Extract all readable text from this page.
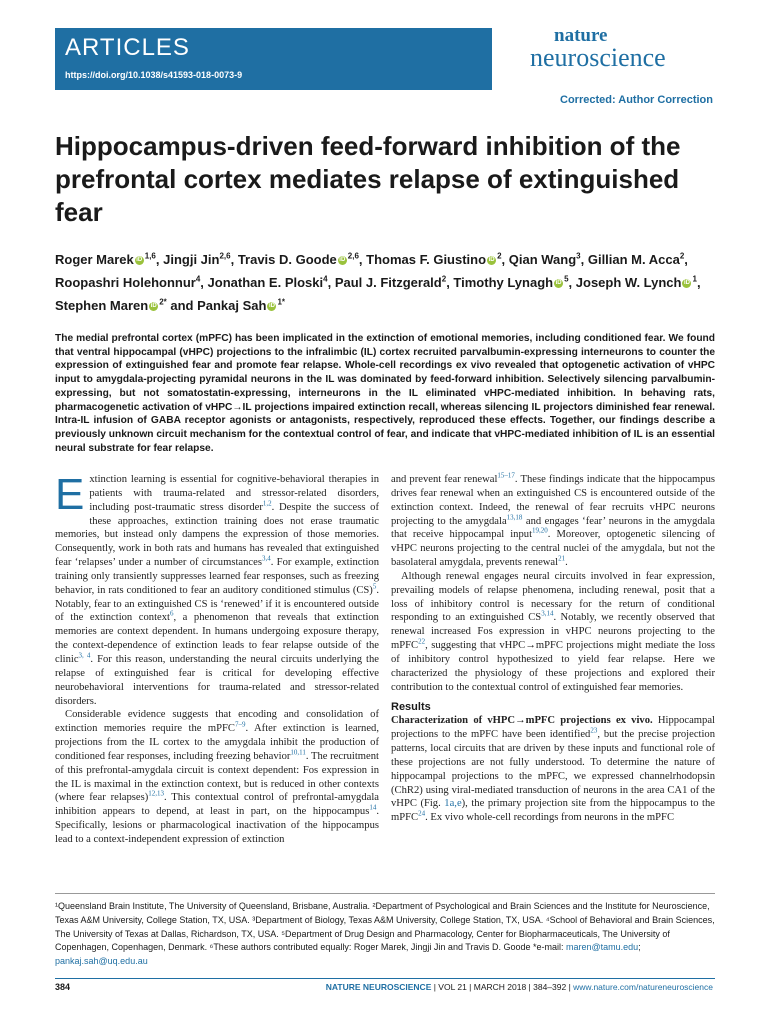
ARTICLES
https://doi.org/10.1038/s41593-018-0073-9
nature
neuroscience
Corrected: Author Correction
Hippocampus-driven feed-forward inhibition of the prefrontal cortex mediates relapse of extinguished fear
Roger Marek iD $^{1,6}$, Jingji Jin$^{2,6}$, Travis D. Goode iD $^{2,6}$, Thomas F. Giustino iD $^2$, Qian Wang$^3$, Gillian M. Acca$^2$, Roopashri Holehonnur$^4$, Jonathan E. Ploski$^4$, Paul J. Fitzgerald$^2$, Timothy Lynagh iD $^5$, Joseph W. Lynch iD $^1$, Stephen Maren iD $^{2*}$ and Pankaj Sah iD $^{1*}$
The medial prefrontal cortex (mPFC) has been implicated in the extinction of emotional memories, including conditioned fear. We found that ventral hippocampal (vHPC) projections to the infralimbic (IL) cortex recruited parvalbumin-expressing interneurons to counter the expression of extinguished fear and promote fear relapse. Whole-cell recordings ex vivo revealed that optogenetic activation of vHPC input to amygdala-projecting pyramidal neurons in the IL was dominated by feed-forward inhibition. Selectively silencing parvalbumin-expressing, but not somatostatin-expressing, interneurons in the IL eliminated vHPC-mediated inhibition. In behaving rats, pharmacogenetic activation of vHPC→IL projections impaired extinction recall, whereas silencing IL projectors diminished fear renewal. Intra-IL infusion of GABA receptor agonists or antagonists, respectively, reproduced these effects. Together, our findings describe a previously unknown circuit mechanism for the contextual control of fear, and indicate that vHPC-mediated inhibition of IL is an essential neural substrate for fear relapse.
E xtinction learning is essential for cognitive-behavioral therapies in patients with trauma-related and stressor-related disorders, including post-traumatic stress disorder$^{1,2}$. Despite the success of these approaches, extinction training does not erase traumatic memories, but instead only dampens the expression of those memories. Consequently, work in both rats and humans has revealed that extinguished fear ‘relapses’ under a number of circumstances$^{3,4}$. For example, extinction training only transiently suppresses learned fear responses, such as freezing behavior, in rats conditioned to fear an auditory conditioned stimulus (CS)$^5$. Notably, fear to an extinguished CS is ‘renewed’ if it is encountered outside of the extinction context$^6$, a phenomenon that reveals that extinction memories are context dependent. In humans undergoing exposure therapy, the context-dependence of extinction leads to fear relapse outside of the clinic$^{3, 4}$. For this reason, understanding the neural circuits underlying the relapse of extinguished fear is critical for developing effective neurobehavioral interventions for trauma-related and stressor-related disorders.

Considerable evidence suggests that encoding and consolidation of extinction memories require the mPFC$^{7-9}$. After extinction is learned, projections from the IL cortex to the amygdala inhibit the production of conditioned fear responses, including freezing behavior$^{10,11}$. The recruitment of this prefrontal-amygdala circuit is context dependent: Fos expression in the IL is maximal in the extinction context, but is reduced in other contexts (where fear relapses)$^{12,13}$. This contextual control of prefrontal-amygdala inhibition appears to depend, at least in part, on the hippocampus$^{14}$. Specifically, lesions or pharmacological inactivation of the hippocampus lead to a context-independent expression of extinction

and prevent fear renewal$^{15-17}$. These findings indicate that the hippocampus drives fear renewal when an extinguished CS is encountered outside of the extinction context. Indeed, the renewal of fear recruits vHPC neurons projecting to the amygdala$^{13,18}$ and engages ‘fear’ neurons in the amygdala that receive hippocampal input$^{19,20}$. Moreover, optogenetic silencing of vHPC neurons projecting to the central nuclei of the amygdala, but not the basolateral amygdala, prevents renewal$^{21}$.

Although renewal engages neural circuits involved in fear expression, prevailing models of relapse phenomena, including renewal, posit that a loss of inhibitory control is necessary for the return of conditional responding to an extinguished CS$^{3,14}$. Notably, we recently observed that renewal increased Fos expression in vHPC neurons projecting to the mPFC$^{22}$, suggesting that vHPC→mPFC projections might mediate the loss of inhibitory control hypothesized to yield fear relapse. Here we characterized the physiology of these projections and explored their contribution to the contextual control of extinguished fear memories.

Results

Characterization of vHPC→mPFC projections ex vivo. Hippocampal projections to the mPFC have been identified$^{23}$, but the precise projection patterns, local circuits that are driven by these inputs and functional role of these projections are not fully understood. To determine the nature of hippocampal projections to the mPFC, we expressed channelrhodopsin (ChR2) using viral-mediated transduction of neurons in the area CA1 of the vHPC (Fig. 1a,e), the primary projection site from the hippocampus to the mPFC$^{24}$. Ex vivo whole-cell recordings from neurons in the mPFC

¹Queensland Brain Institute, The University of Queensland, Brisbane, Australia. ²Department of Psychological and Brain Sciences and the Institute for Neuroscience, Texas A&M University, College Station, TX, USA. ³Department of Biology, Texas A&M University, College Station, TX, USA. ⁴School of Behavioral and Brain Sciences, The University of Texas at Dallas, Richardson, TX, USA. ⁵Department of Drug Design and Pharmacology, Center for Biopharmaceuticals, The University of Copenhagen, Copenhagen, Denmark. ⁶These authors contributed equally: Roger Marek, Jingji Jin and Travis D. Goode *e-mail: maren@tamu.edu; pankaj.sah@uq.edu.au
384	NATURE NEUROSCIENCE | VOL 21 | MARCH 2018 | 384–392 | www.nature.com/natureneuroscience
